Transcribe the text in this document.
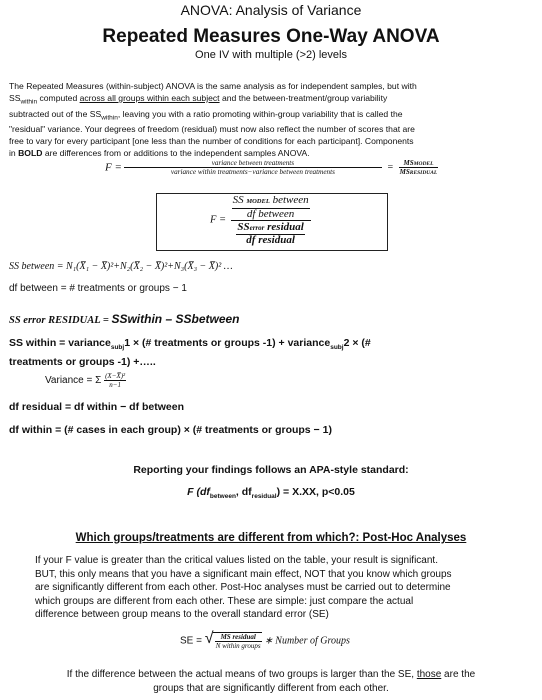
ANOVA: Analysis of Variance
Repeated Measures One-Way ANOVA
One IV with multiple (>2) levels
The Repeated Measures (within-subject) ANOVA is the same analysis as for independent samples, but with
$SS_{within}$ computed across all groups within each subject and the between-treatment/group variability
subtracted out of the $SS_{within}$, leaving you with a ratio promoting within-group variability that is called the
"residual" variance. Your degrees of freedom (residual) must now also reflect the number of scores that are
free to vary for every participant [one less than the number of conditions for each participant]. Components
in BOLD are differences from or additions to the independent samples ANOVA.
$F = \frac{\text{variance between treatments}}{\text{variance within treatments−variance between treatments}} = \frac{\text{MSMODEL}}{\text{MSRESIDUAL}}$
$F = \frac{\frac{\text{SS MODEL between}}{\text{df between}}}{\frac{\text{SSerror residual}}{\text{df residual}}}$
SS between = N₁(X̅₁ − X̅)²+N₂(X̅₂ − X̅)²+N₃(X̅₃ − X̅)² …
df between = # treatments or groups − 1
SS error RESIDUAL = SSwithin – SSbetween
SS within = variance$_{subj}$1 × (# treatments or groups -1) + variance$_{subj}$2 × (#
treatments or groups -1) +…..
Variance = Σ $\frac{\text{(X−X̅)²}}{n-1}$
df residual = df within − df between
df within = (# cases in each group) × (# treatments or groups − 1)
Reporting your findings follows an APA-style standard:
F ($df_{between}$, $df_{residual}) = X.XX$, p<0.05
Which groups/treatments are different from which?: Post-Hoc Analyses
If your F value is greater than the critical values listed on the table, your result is significant.
BUT, this only means that you have a significant main effect, NOT that you know which groups
are significantly different from each other. Post-Hoc analyses must be carried out to determine
which groups are different from each other. These are simple: just compare the actual
difference between group means to the overall standard error (SE)
SE = √ $\frac{\text{MS residual}}{\text{N within groups}}$ ∗ Number of Groups
If the difference between the actual means of two groups is larger than the SE, those are the
groups that are significantly different from each other.
